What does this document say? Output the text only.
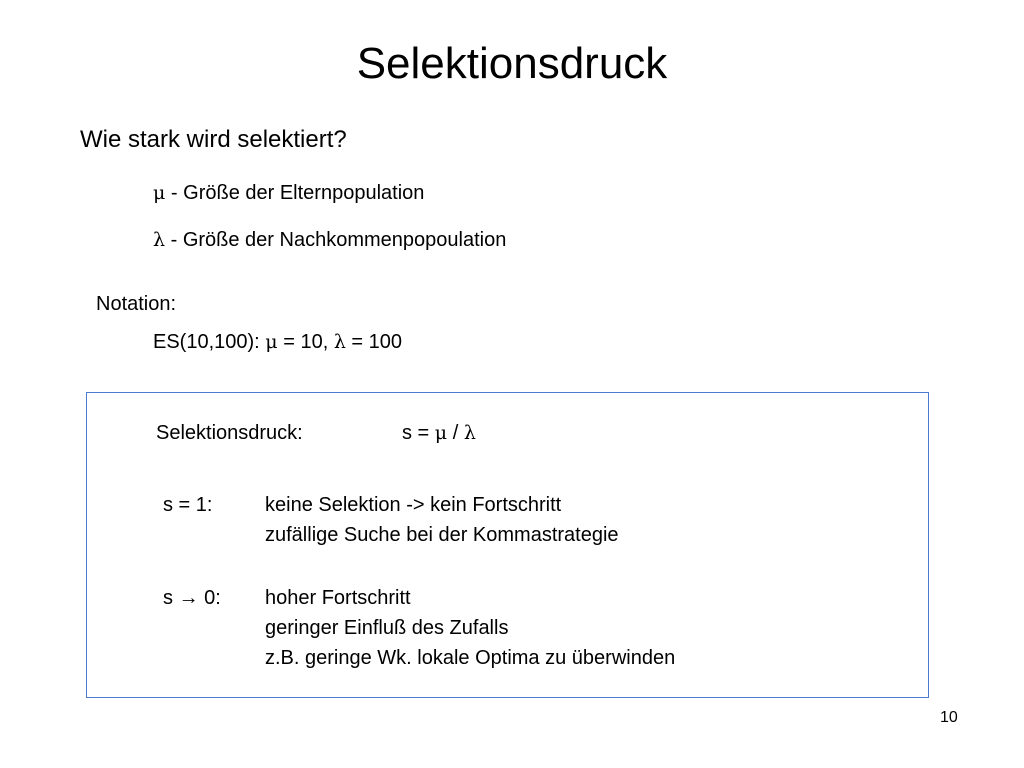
Selektionsdruck
Wie stark wird selektiert?
μ - Größe der Elternpopulation
λ - Größe der Nachkommenpopoulation
Notation:
ES(10,100): μ = 10, λ = 100
Selektionsdruck:	s = μ / λ
s = 1:	keine Selektion -> kein Fortschritt
zufällige Suche bei der Kommastrategie
s → 0: hoher Fortschritt
geringer Einfluß des Zufalls
z.B. geringe Wk. lokale Optima zu überwinden
10
